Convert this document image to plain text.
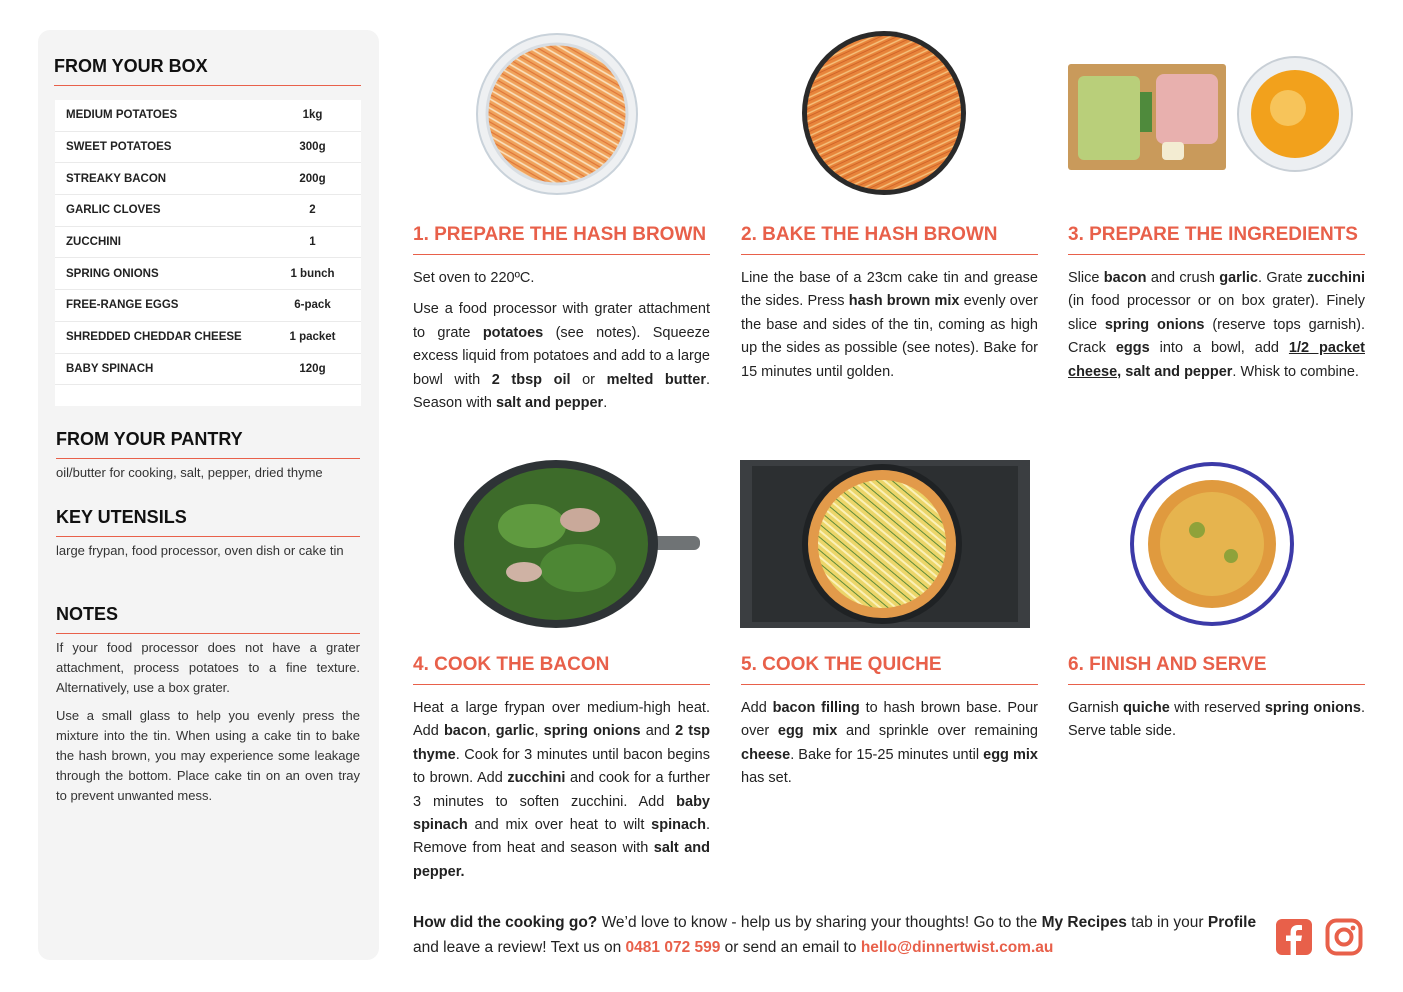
FROM YOUR BOX
MEDIUM POTATOES	1kg
SWEET POTATOES	300g
STREAKY BACON	200g
GARLIC CLOVES	2
ZUCCHINI	1
SPRING ONIONS	1 bunch
FREE-RANGE EGGS	6-pack
SHREDDED CHEDDAR CHEESE	1 packet
BABY SPINACH	120g
FROM YOUR PANTRY
oil/butter for cooking, salt, pepper, dried thyme
KEY UTENSILS
large frypan, food processor, oven dish or cake tin
NOTES

If your food processor does not have a grater attachment, process potatoes to a fine texture. Alternatively, use a box grater.

Use a small glass to help you evenly press the mixture into the tin. When using a cake tin to bake the hash brown, you may experience some leakage through the bottom. Place cake tin on an oven tray to prevent unwanted mess.

1. PREPARE THE HASH BROWN

Set oven to 220ºC.

Use a food processor with grater attachment to grate potatoes (see notes). Squeeze excess liquid from potatoes and add to a large bowl with 2 tbsp oil or melted butter. Season with salt and pepper.

2. BAKE THE HASH BROWN

Line the base of a 23cm cake tin and grease the sides. Press hash brown mix evenly over the base and sides of the tin, coming as high up the sides as possible (see notes). Bake for 15 minutes until golden.

3. PREPARE THE INGREDIENTS

Slice bacon and crush garlic. Grate zucchini (in food processor or on box grater). Finely slice spring onions (reserve tops garnish). Crack eggs into a bowl, add 1/2 packet cheese, salt and pepper. Whisk to combine.

4. COOK THE BACON

Heat a large frypan over medium-high heat. Add bacon, garlic, spring onions and 2 tsp thyme. Cook for 3 minutes until bacon begins to brown. Add zucchini and cook for a further 3 minutes to soften zucchini. Add baby spinach and mix over heat to wilt spinach. Remove from heat and season with salt and pepper.

5. COOK THE QUICHE

Add bacon filling to hash brown base. Pour over egg mix and sprinkle over remaining cheese. Bake for 15-25 minutes until egg mix has set.

6. FINISH AND SERVE

Garnish quiche with reserved spring onions. Serve table side.

How did the cooking go? We’d love to know - help us by sharing your thoughts! Go to the My Recipes tab in your Profile and leave a review! Text us on 0481 072 599 or send an email to hello@dinnertwist.com.au
